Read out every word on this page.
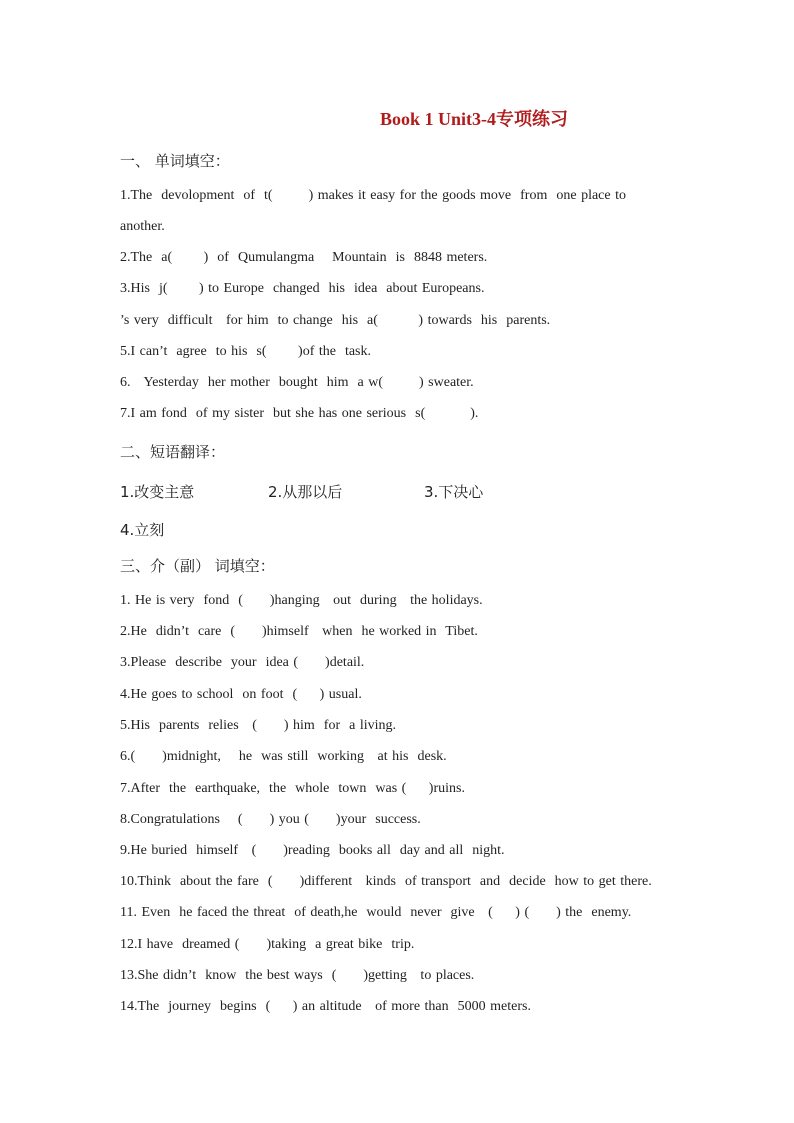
Book 1 Unit3-4专项练习
一、 单词填空：
1.The  devolopment  of  t(        ) makes it easy for the goods move  from  one place to
another.
2.The  a(       )  of  Qumulangma    Mountain  is  8848 meters.
3.His  j(       ) to Europe  changed  his  idea  about Europeans.
’s very  difficult   for him  to change  his  a(         ) towards  his  parents.
5.I can’t  agree  to his  s(       )of the  task.
6.   Yesterday  her mother  bought  him  a w(        ) sweater.
7.I am fond  of my sister  but she has one serious  s(          ).
二、短语翻译：
1.改变主意	2.从那以后	3.下决心
4.立刻
三、介（副） 词填空：
1. He is very  fond  (      )hanging   out  during   the holidays.
2.He  didn’t  care  (      )himself   when  he worked in  Tibet.
3.Please  describe  your  idea (      )detail.
4.He goes to school  on foot  (     ) usual.
5.His  parents  relies   (      ) him  for  a living.
6.(      )midnight,    he  was still  working   at his  desk.
7.After  the  earthquake,  the  whole  town  was (     )ruins.
8.Congratulations    (      ) you (      )your  success.
9.He buried  himself   (      )reading  books all  day and all  night.
10.Think  about the fare  (      )different   kinds  of transport  and  decide  how to get there.
11. Even  he faced the threat  of death,he  would  never  give   (     ) (      ) the  enemy.
12.I have  dreamed (      )taking  a great bike  trip.
13.She didn’t  know  the best ways  (      )getting   to places.
14.The  journey  begins  (     ) an altitude   of more than  5000 meters.
